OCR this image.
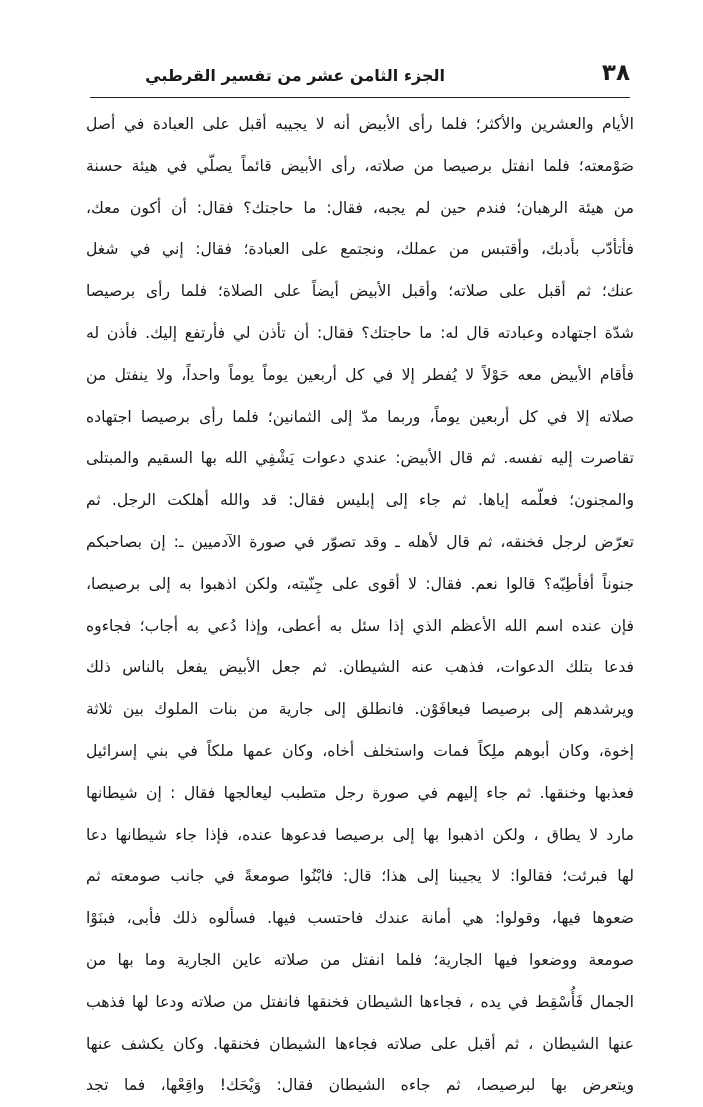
الجزء الثامن عشر من تفسير القرطبي	٣٨
الأيام والعشرين والأكثر؛ فلما رأى الأبيض أنه لا يجيبه أقبل على العبادة في أصل
صَوْمعته؛ فلما انفتل برصيصا من صلاته، رأى الأبيض قائماً يصلّي في هيئة حسنة
من هيئة الرهبان؛ فندم حين لم يجبه، فقال: ما حاجتك؟ فقال: أن أكون معك،
فأتأدّب بأدبك، وأقتبس من عملك، ونجتمع على العبادة؛ فقال: إني في شغل
عنك؛ ثم أقبل على صلاته؛ وأقبل الأبيض أيضاً على الصلاة؛ فلما رأى برصيصا
شدّة اجتهاده وعبادته قال له: ما حاجتك؟ فقال: أن تأذن لي فأرتفع إليك. فأذن له
فأقام الأبيض معه حَوْلاً لا يُفطر إلا في كل أربعين يوماً يوماً واحداً، ولا ينفتل من
صلاته إلا في كل أربعين يوماً، وربما مدّ إلى الثمانين؛ فلما رأى برصيصا اجتهاده
تقاصرت إليه نفسه. ثم قال الأبيض: عندي دعوات يَشْفِي الله بها السقيم والمبتلى
والمجنون؛ فعلّمه إياها. ثم جاء إلى إبليس فقال: قد والله أهلكت الرجل. ثم
تعرّض لرجل فخنقه، ثم قال لأهله ـ وقد تصوّر في صورة الآدميين ـ: إن بصاحبكم
جنوناً أفأطِبّه؟ قالوا نعم. فقال: لا أقوى على جِنّيته، ولكن اذهبوا به إلى برصيصا،
فإن عنده اسم الله الأعظم الذي إذا سئل به أعطى، وإذا دُعي به أجاب؛ فجاءوه
فدعا بتلك الدعوات، فذهب عنه الشيطان. ثم جعل الأبيض يفعل بالناس ذلك
ويرشدهم إلى برصيصا فيعافَوْن. فانطلق إلى جارية من بنات الملوك بين ثلاثة
إخوة، وكان أبوهم ملِكاً فمات واستخلف أخاه، وكان عمها ملكاً في بني إسرائيل
فعذبها وخنقها. ثم جاء إليهم في صورة رجل متطبب ليعالجها فقال : إن شيطانها
مارد لا يطاق ، ولكن اذهبوا بها إلى برصيصا فدعوها عنده، فإذا جاء شيطانها دعا
لها فبرئت؛ فقالوا: لا يجيبنا إلى هذا؛ قال: فابْنُوا صومعةً في جانب صومعته ثم
ضعوها فيها، وقولوا: هي أمانة عندك فاحتسب فيها. فسألوه ذلك فأبى، فبنَوْا
صومعة ووضعوا فيها الجارية؛ فلما انفتل من صلاته عاين الجارية وما بها من
الجمال فَأُسْقِط في يده ، فجاءها الشيطان فخنقها فانفتل من صلاته ودعا لها فذهب
عنها الشيطان ، ثم أقبل على صلاته فجاءها الشيطان فخنقها. وكان يكشف عنها
ويتعرض بها لبرصيصا، ثم جاءه الشيطان فقال: وَيْحَك! واقِعْها، فما تجد
